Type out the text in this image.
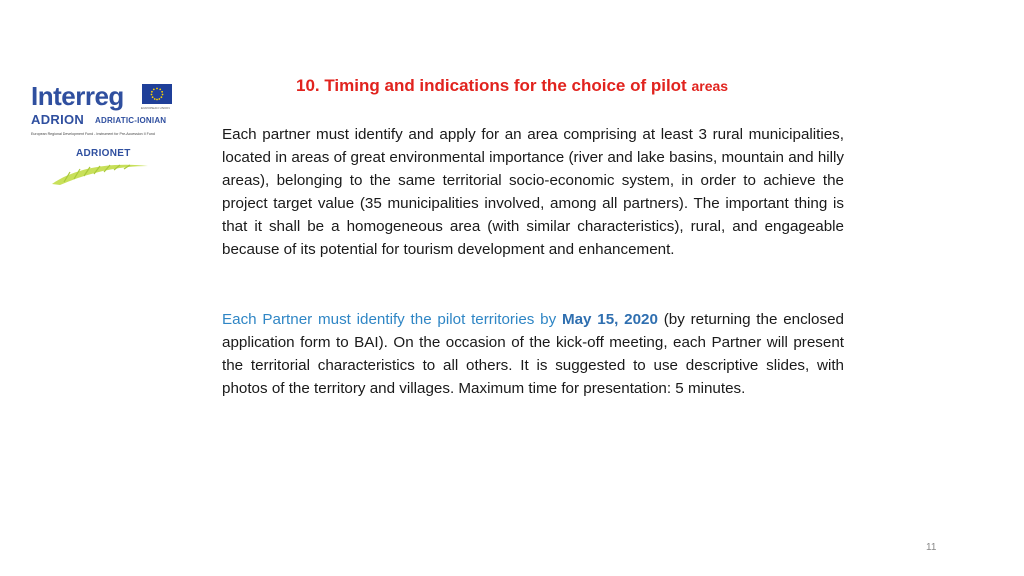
Interreg	EUROPEAN UNION
ADRION ADRIATIC-IONIAN
European Regional Development Fund - Instrument for Pre-Accession II Fund
ADRIONET
10. Timing and indications for the choice of pilot areas

Each partner must identify and apply for an area comprising at least 3 rural municipalities, located in areas of great environmental importance (river and lake basins, mountain and hilly areas), belonging to the same territorial socio-economic system, in order to achieve the project target value (35 municipalities involved, among all partners). The important thing is that it shall be a homogeneous area (with similar characteristics), rural, and engageable because of its potential for tourism development and enhancement.

Each Partner must identify the pilot territories by May 15, 2020 (by returning the enclosed application form to BAI). On the occasion of the kick-off meeting, each Partner will present the territorial characteristics to all others. It is suggested to use descriptive slides, with photos of the territory and villages. Maximum time for presentation: 5 minutes.

11
